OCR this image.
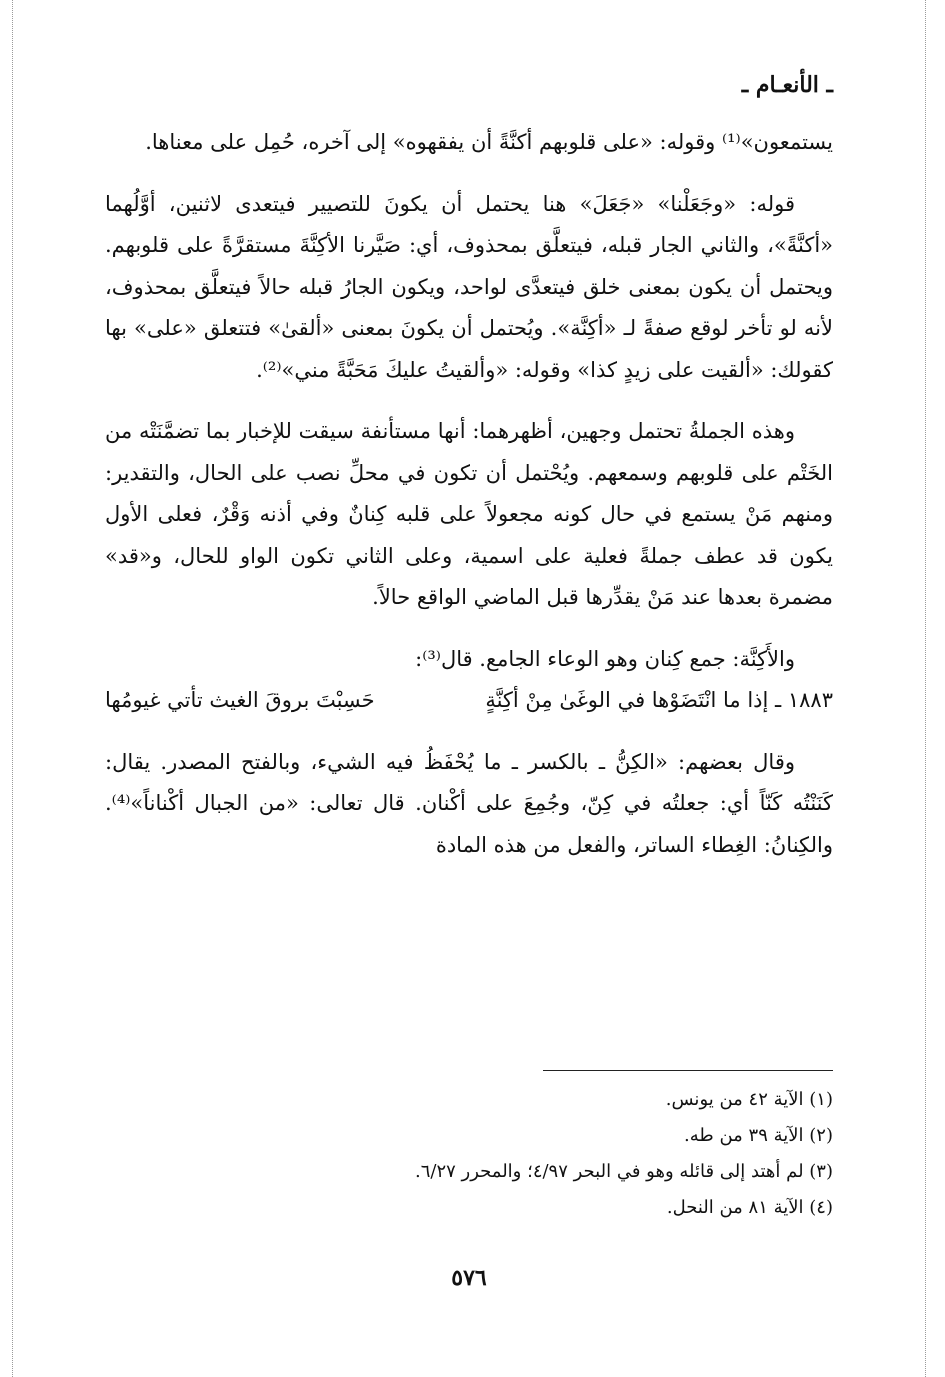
ـ الأنعـام ـ

يستمعون»⁽¹⁾ وقوله: «على قلوبهم أكنَّةً أن يفقهوه» إلى آخره، حُمِل على معناها.

قوله: «وجَعَلْنا» «جَعَلَ» هنا يحتمل أن يكونَ للتصيير فيتعدى لاثنين، أوَّلُهما «أكنَّةً»، والثاني الجار قبله، فيتعلَّق بمحذوف، أي: صَيَّرنا الأكِنَّةَ مستقرَّةً على قلوبهم. ويحتمل أن يكون بمعنى خلق فيتعدَّى لواحد، ويكون الجارُ قبله حالاً فيتعلَّق بمحذوف، لأنه لو تأخر لوقع صفةً لـ «أكِنَّة». ويُحتمل أن يكونَ بمعنى «ألقىٰ» فتتعلق «على» بها كقولك: «ألقيت على زيدٍ كذا» وقوله: «وألقيتُ عليكَ مَحَبَّةً مني»⁽²⁾.

وهذه الجملةُ تحتمل وجهين، أظهرهما: أنها مستأنفة سيقت للإخبار بما تضمَّنَتْه من الخَتْم على قلوبهم وسمعهم. ويُحْتمل أن تكون في محلِّ نصب على الحال، والتقدير: ومنهم مَنْ يستمع في حال كونه مجعولاً على قلبه كِنانٌ وفي أذنه وَقْرٌ، فعلى الأول يكون قد عطف جملةً فعلية على اسمية، وعلى الثاني تكون الواو للحال، و«قد» مضمرة بعدها عند مَنْ يقدِّرها قبل الماضي الواقع حالاً.

والأَكِنَّة: جمع كِنان وهو الوعاء الجامع. قال⁽³⁾:

١٨٨٣ ـ إذا ما انْتَضَوْها في الوغَىٰ مِنْ أكِنَّةٍ
حَسِبْتَ بروقَ الغيث تأتي غيومُها

وقال بعضهم: «الكِنُّ ـ بالكسر ـ ما يُحْفَظُ فيه الشيء، وبالفتح المصدر. يقال: كَنَنْتُه كَنّاً أي: جعلتُه في كِنّ، وجُمِعَ على أكْنان. قال تعالى: «من الجبال أكْناناً»⁽⁴⁾. والكِنانُ: الغِطاء الساتر، والفعل من هذه المادة

(١) الآية ٤٢ من يونس.
(٢) الآية ٣٩ من طه.
(٣) لم أهتد إلى قائله وهو في البحر ٤/٩٧؛ والمحرر ٦/٢٧.
(٤) الآية ٨١ من النحل.
٥٧٦
